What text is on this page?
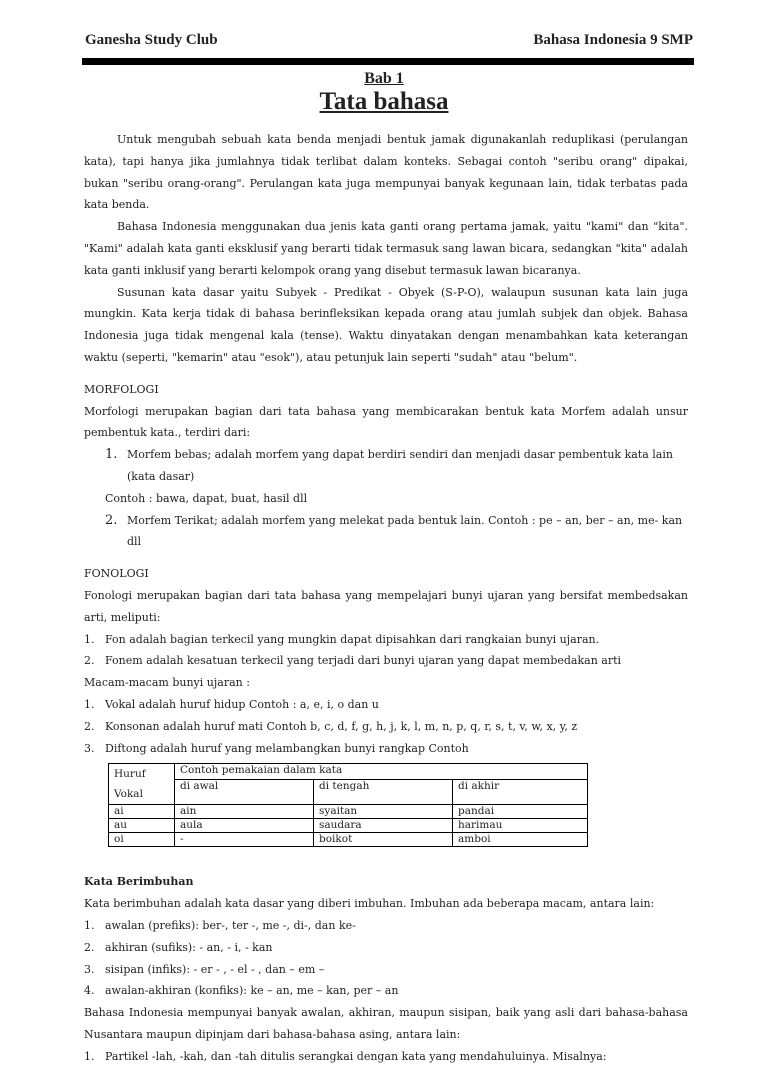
Ganesha Study Club	Bahasa Indonesia 9 SMP
Bab 1
Tata bahasa

Untuk mengubah sebuah kata benda menjadi bentuk jamak digunakanlah reduplikasi (perulangan kata), tapi hanya jika jumlahnya tidak terlibat dalam konteks. Sebagai contoh "seribu orang" dipakai, bukan "seribu orang-orang". Perulangan kata juga mempunyai banyak kegunaan lain, tidak terbatas pada kata benda.

Bahasa Indonesia menggunakan dua jenis kata ganti orang pertama jamak, yaitu "kami" dan "kita". "Kami" adalah kata ganti eksklusif yang berarti tidak termasuk sang lawan bicara, sedangkan "kita" adalah kata ganti inklusif yang berarti kelompok orang yang disebut termasuk lawan bicaranya.

Susunan kata dasar yaitu Subyek - Predikat - Obyek (S-P-O), walaupun susunan kata lain juga mungkin. Kata kerja tidak di bahasa berinfleksikan kepada orang atau jumlah subjek dan objek. Bahasa Indonesia juga tidak mengenal kala (tense). Waktu dinyatakan dengan menambahkan kata keterangan waktu (seperti, "kemarin" atau "esok"), atau petunjuk lain seperti "sudah" atau "belum".

MORFOLOGI

Morfologi merupakan bagian dari tata bahasa yang membicarakan bentuk kata Morfem adalah unsur pembentuk kata., terdiri dari:

1. Morfem bebas; adalah morfem yang dapat berdiri sendiri dan menjadi dasar pembentuk kata lain (kata dasar)

Contoh : bawa, dapat, buat, hasil dll

2. Morfem Terikat; adalah morfem yang melekat pada bentuk lain. Contoh : pe – an, ber – an, me- kan dll

FONOLOGI

Fonologi merupakan bagian dari tata bahasa yang mempelajari bunyi ujaran yang bersifat membedsakan arti, meliputi:

1. Fon adalah bagian terkecil yang mungkin dapat dipisahkan dari rangkaian bunyi ujaran.
2. Fonem adalah kesatuan terkecil yang terjadi dari bunyi ujaran yang dapat membedakan arti

Macam-macam bunyi ujaran :

1. Vokal adalah huruf hidup Contoh : a, e, i, o dan u
2. Konsonan adalah huruf mati Contoh b, c, d, f, g, h, j, k, l, m, n, p, q, r, s, t, v, w, x, y, z
3. Diftong adalah huruf yang melambangkan bunyi rangkap Contoh
Huruf Vokal	Contoh pemakaian dalam kata		
	di awal	di tengah	di akhir
ai	ain	syaitan	pandai
au	aula	saudara	harimau
oi	-	boikot	amboi

Kata Berimbuhan

Kata berimbuhan adalah kata dasar yang diberi imbuhan. Imbuhan ada beberapa macam, antara lain:

1. awalan (prefiks): ber-, ter -, me -, di-, dan ke-
2. akhiran (sufiks): - an, - i, - kan
3. sisipan (infiks): - er - , - el - , dan – em –
4. awalan-akhiran (konfiks): ke – an, me – kan, per – an

Bahasa Indonesia mempunyai banyak awalan, akhiran, maupun sisipan, baik yang asli dari bahasa-bahasa Nusantara maupun dipinjam dari bahasa-bahasa asing, antara lain:

1. Partikel -lah, -kah, dan -tah ditulis serangkai dengan kata yang mendahuluinya. Misalnya:
